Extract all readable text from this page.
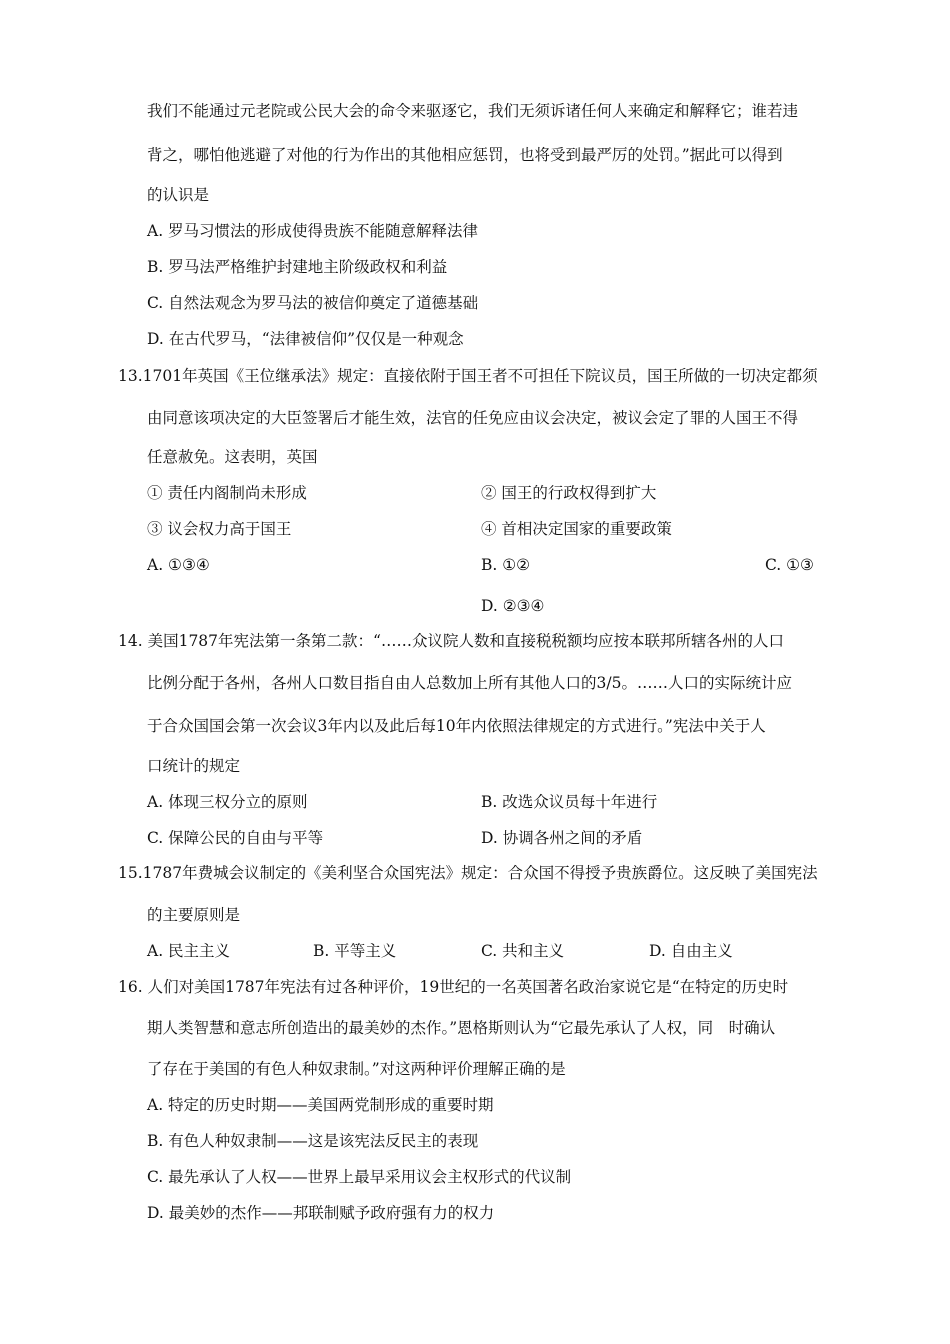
我们不能通过元老院或公民大会的命令来驱逐它，我们无须诉诸任何人来确定和解释它；谁若违
背之，哪怕他逃避了对他的行为作出的其他相应惩罚，也将受到最严厉的处罚。”据此可以得到
的认识是
A. 罗马习惯法的形成使得贵族不能随意解释法律
B. 罗马法严格维护封建地主阶级政权和利益
C. 自然法观念为罗马法的被信仰奠定了道德基础
D. 在古代罗马，“法律被信仰”仅仅是一种观念
13.1701年英国《王位继承法》规定：直接依附于国王者不可担任下院议员，国王所做的一切决定都须
由同意该项决定的大臣签署后才能生效，法官的任免应由议会决定，被议会定了罪的人国王不得
任意赦免。这表明，英国
① 责任内阁制尚未形成	② 国王的行政权得到扩大
③ 议会权力高于国王	④ 首相决定国家的重要政策
A. ①③④	B. ①②	C. ①③
D. ②③④
14. 美国1787年宪法第一条第二款：“……众议院人数和直接税税额均应按本联邦所辖各州的人口
比例分配于各州，各州人口数目指自由人总数加上所有其他人口的3/5。……人口的实际统计应
于合众国国会第一次会议3年内以及此后每10年内依照法律规定的方式进行。”宪法中关于人
口统计的规定
A. 体现三权分立的原则	B. 改选众议员每十年进行
C. 保障公民的自由与平等	D. 协调各州之间的矛盾
15.1787年费城会议制定的《美利坚合众国宪法》规定：合众国不得授予贵族爵位。这反映了美国宪法
的主要原则是
A. 民主主义	B. 平等主义	C. 共和主义	D. 自由主义
16. 人们对美国1787年宪法有过各种评价，19世纪的一名英国著名政治家说它是“在特定的历史时
期人类智慧和意志所创造出的最美妙的杰作。”恩格斯则认为“它最先承认了人权，同　时确认
了存在于美国的有色人种奴隶制。”对这两种评价理解正确的是
A. 特定的历史时期——美国两党制形成的重要时期
B. 有色人种奴隶制——这是该宪法反民主的表现
C. 最先承认了人权——世界上最早采用议会主权形式的代议制
D. 最美妙的杰作——邦联制赋予政府强有力的权力
